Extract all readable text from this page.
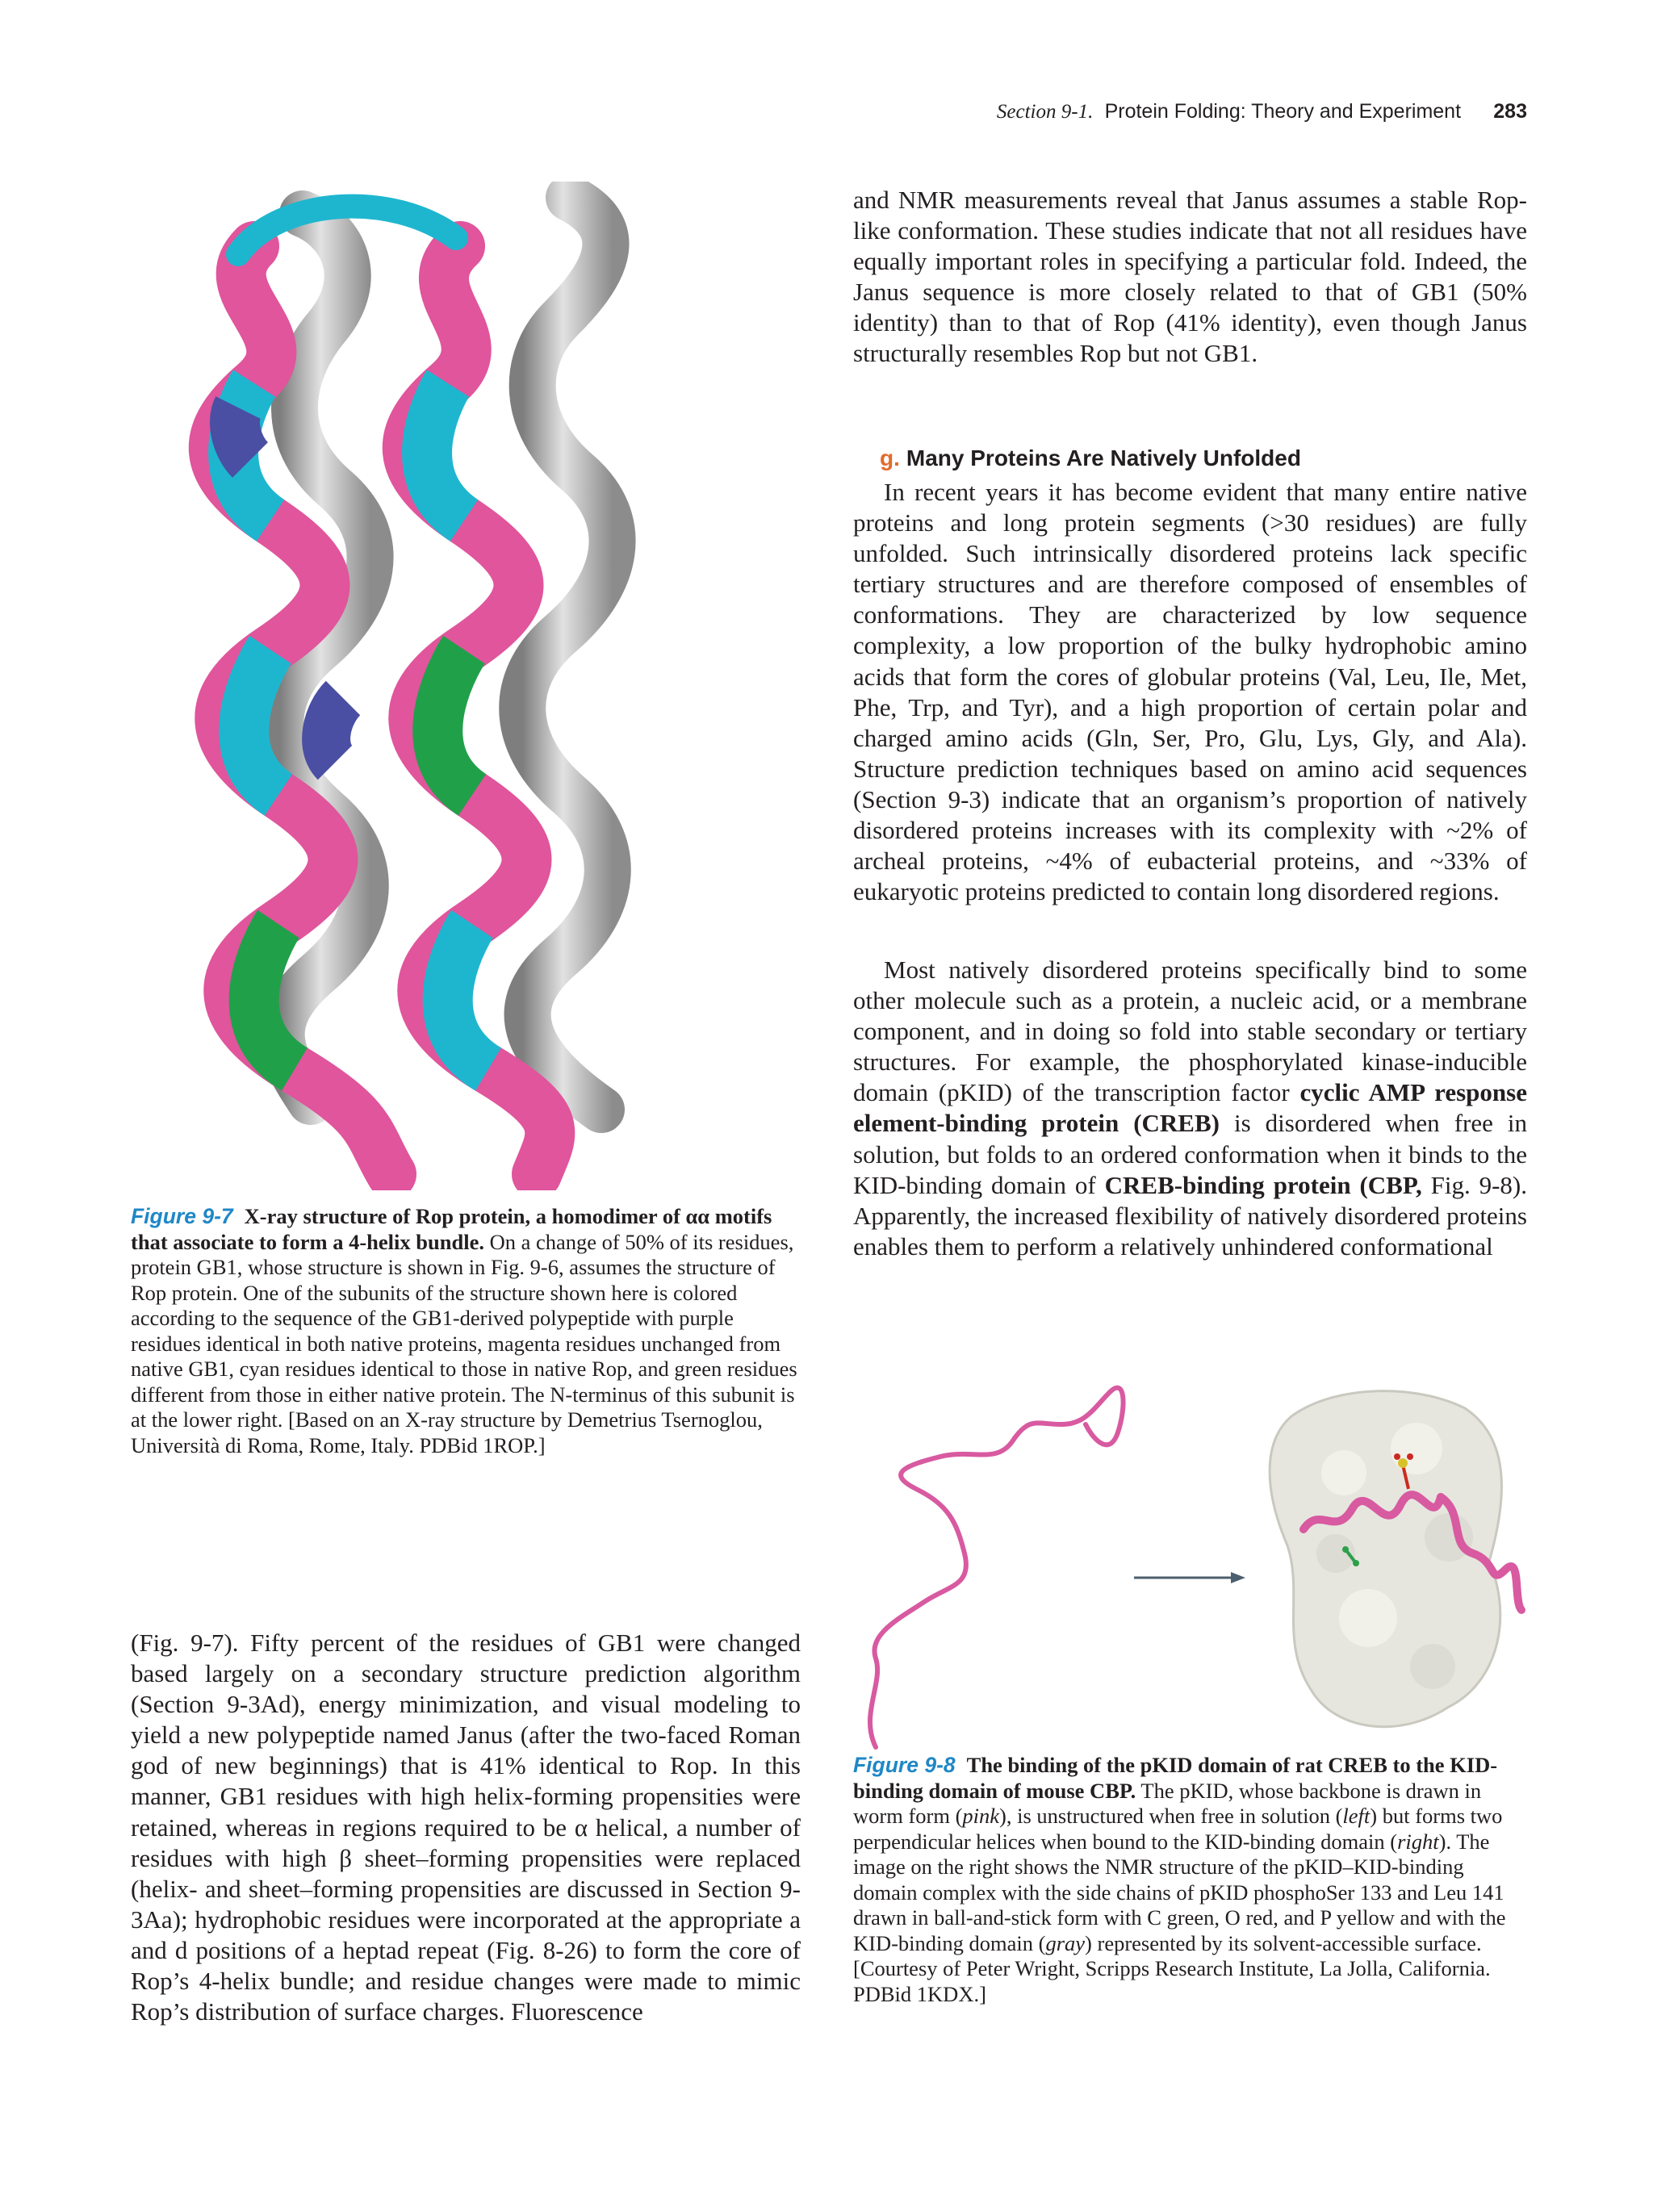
Section 9-1. Protein Folding: Theory and Experiment 283
Figure 9-7 X-ray structure of Rop protein, a homodimer of αα motifs that associate to form a 4-helix bundle. On a change of 50% of its residues, protein GB1, whose structure is shown in Fig. 9-6, assumes the structure of Rop protein. One of the subunits of the structure shown here is colored according to the sequence of the GB1-derived polypeptide with purple residues identical in both native proteins, magenta residues unchanged from native GB1, cyan residues identical to those in native Rop, and green residues different from those in either native protein. The N-terminus of this subunit is at the lower right. [Based on an X-ray structure by Demetrius Tsernoglou, Università di Roma, Rome, Italy. PDBid 1ROP.]
(Fig. 9-7). Fifty percent of the residues of GB1 were changed based largely on a secondary structure prediction algorithm (Section 9-3Ad), energy minimization, and visual modeling to yield a new polypeptide named Janus (after the two-faced Roman god of new beginnings) that is 41% identical to Rop. In this manner, GB1 residues with high helix-forming propensities were retained, whereas in regions required to be α helical, a number of residues with high β sheet–forming propensities were replaced (helix- and sheet–forming propensities are discussed in Section 9-3Aa); hydrophobic residues were incorporated at the appropriate a and d positions of a heptad repeat (Fig. 8-26) to form the core of Rop’s 4-helix bundle; and residue changes were made to mimic Rop’s distribution of surface charges. Fluorescence
and NMR measurements reveal that Janus assumes a stable Rop-like conformation. These studies indicate that not all residues have equally important roles in specifying a particular fold. Indeed, the Janus sequence is more closely related to that of GB1 (50% identity) than to that of Rop (41% identity), even though Janus structurally resembles Rop but not GB1.
g. Many Proteins Are Natively Unfolded
In recent years it has become evident that many entire native proteins and long protein segments (>30 residues) are fully unfolded. Such intrinsically disordered proteins lack specific tertiary structures and are therefore composed of ensembles of conformations. They are characterized by low sequence complexity, a low proportion of the bulky hydrophobic amino acids that form the cores of globular proteins (Val, Leu, Ile, Met, Phe, Trp, and Tyr), and a high proportion of certain polar and charged amino acids (Gln, Ser, Pro, Glu, Lys, Gly, and Ala). Structure prediction techniques based on amino acid sequences (Section 9-3) indicate that an organism’s proportion of natively disordered proteins increases with its complexity with ~2% of archeal proteins, ~4% of eubacterial proteins, and ~33% of eukaryotic proteins predicted to contain long disordered regions.
Most natively disordered proteins specifically bind to some other molecule such as a protein, a nucleic acid, or a membrane component, and in doing so fold into stable secondary or tertiary structures. For example, the phosphorylated kinase-inducible domain (pKID) of the transcription factor cyclic AMP response element-binding protein (CREB) is disordered when free in solution, but folds to an ordered conformation when it binds to the KID-binding domain of CREB-binding protein (CBP, Fig. 9-8). Apparently, the increased flexibility of natively disordered proteins enables them to perform a relatively unhindered conformational
Figure 9-8 The binding of the pKID domain of rat CREB to the KID-binding domain of mouse CBP. The pKID, whose backbone is drawn in worm form (pink), is unstructured when free in solution (left) but forms two perpendicular helices when bound to the KID-binding domain (right). The image on the right shows the NMR structure of the pKID–KID-binding domain complex with the side chains of pKID phosphoSer 133 and Leu 141 drawn in ball-and-stick form with C green, O red, and P yellow and with the KID-binding domain (gray) represented by its solvent-accessible surface. [Courtesy of Peter Wright, Scripps Research Institute, La Jolla, California. PDBid 1KDX.]
